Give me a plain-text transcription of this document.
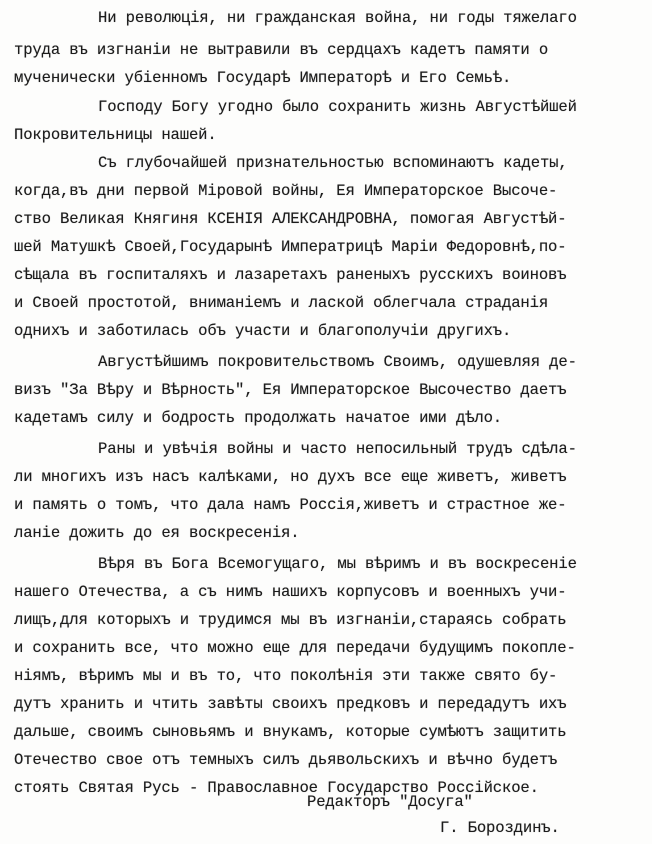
Ни революція, ни гражданская война, ни годы тяжелаго
труда въ изгнаніи не вытравили въ сердцахъ кадетъ памяти о
мученически убіенномъ Государѣ Императорѣ и Его Семьѣ.
Господу Богу угодно было сохранить жизнь Августѣйшей
Покровительницы нашей.
Съ глубочайшей признательностью вспоминаютъ кадеты,
когда,въ дни первой Міровой войны, Ея Императорское Высоче-
ство Великая Княгиня КСЕНІЯ АЛЕКСАНДРОВНА, помогая Августѣй-
шей Матушкѣ Своей,Государынѣ Императрицѣ Маріи Федоровнѣ,по-
сѣщала въ госпиталяхъ и лазаретахъ раненыхъ русскихъ воиновъ
и Своей простотой, вниманіемъ и лаской облегчала страданія
однихъ и заботилась объ участи и благополучіи другихъ.
Августѣйшимъ покровительствомъ Своимъ, одушевляя де-
визъ "За Вѣру и Вѣрность", Ея Императорское Высочество даетъ
кадетамъ силу и бодрость продолжать начатое ими дѣло.
Раны и увѣчія войны и часто непосильный трудъ сдѣла-
ли многихъ изъ насъ калѣками, но духъ все еще живетъ, живетъ
и память о томъ, что дала намъ Россія,живетъ и страстное же-
ланіе дожить до ея воскресенія.
Вѣря въ Бога Всемогущаго, мы вѣримъ и въ воскресеніе
нашего Отечества, а съ нимъ нашихъ корпусовъ и военныхъ учи-
лищъ,для которыхъ и трудимся мы въ изгнаніи,стараясь собрать
и сохранить все, что можно еще для передачи будущимъ покопле-
ніямъ, вѣримъ мы и въ то, что поколѣнія эти также свято бу-
дутъ хранить и чтить завѣты своихъ предковъ и передадутъ ихъ
дальше, своимъ сыновьямъ и внукамъ, которые сумѣютъ защитить
Отечество свое отъ темныхъ силъ дьявольскихъ и вѣчно будетъ
стоять Святая Русь - Православное Государство Россійское.
Редакторъ "Досуга"
Г. Бороздинъ.
